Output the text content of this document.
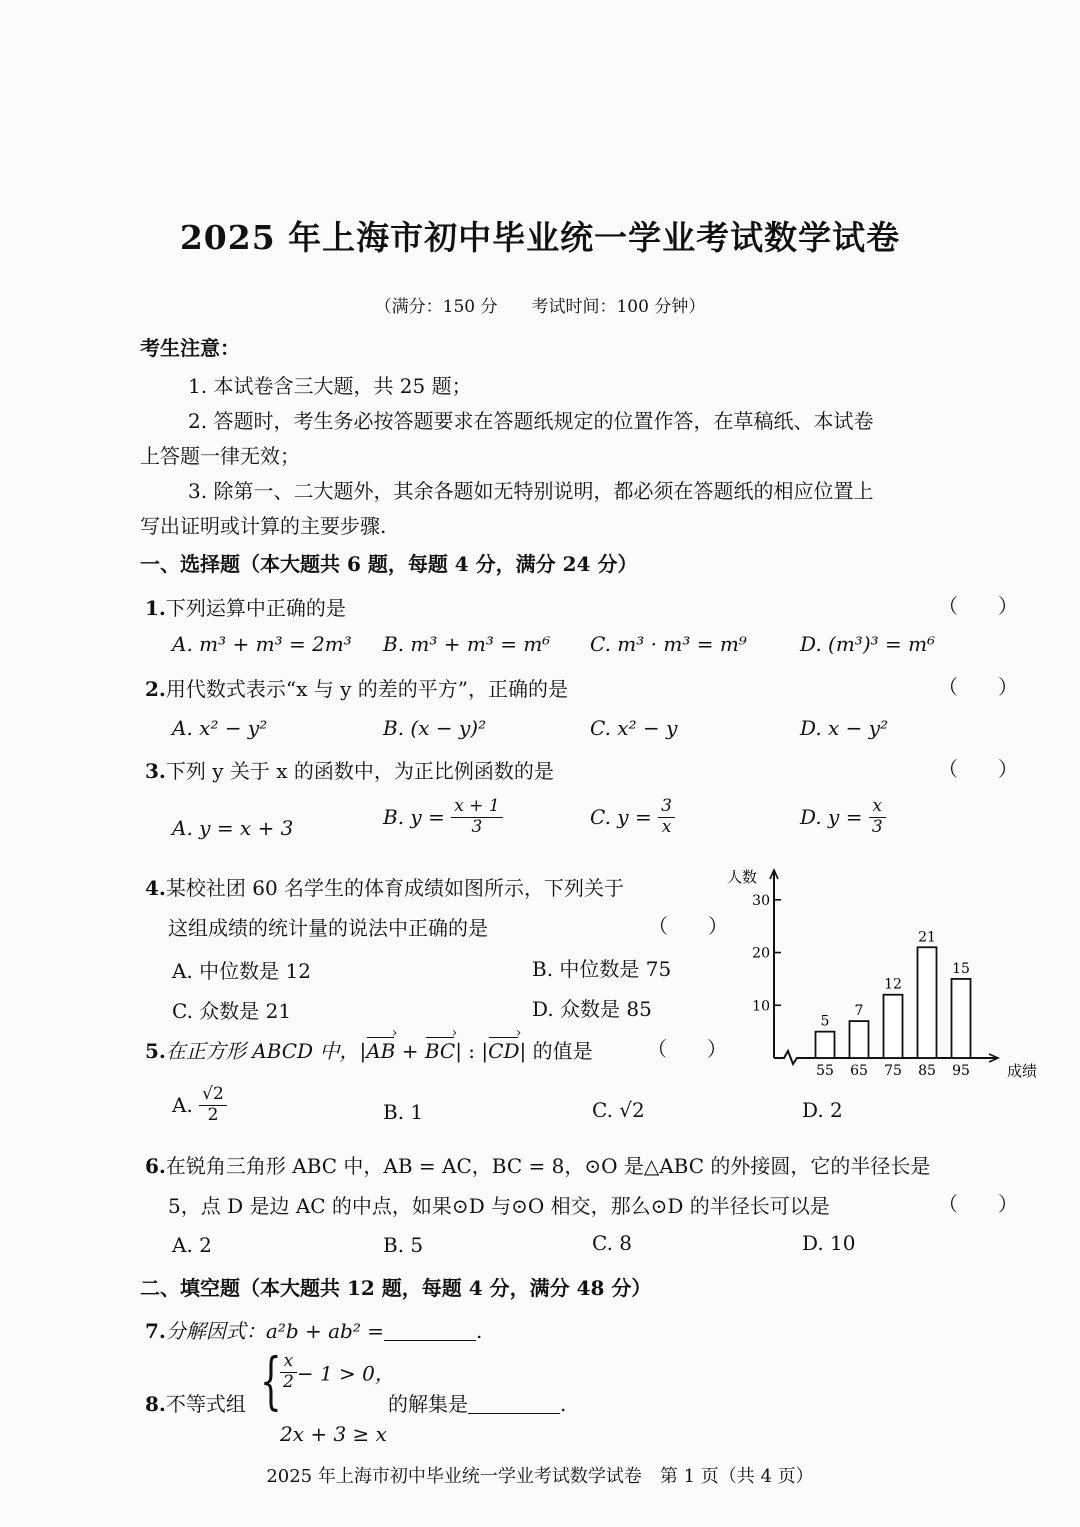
2025 年上海市初中毕业统一学业考试数学试卷
（满分：150 分　　考试时间：100 分钟）
考生注意：
1. 本试卷含三大题，共 25 题；
2. 答题时，考生务必按答题要求在答题纸规定的位置作答，在草稿纸、本试卷
上答题一律无效；
3. 除第一、二大题外，其余各题如无特别说明，都必须在答题纸的相应位置上
写出证明或计算的主要步骤.
一、选择题（本大题共 6 题，每题 4 分，满分 24 分）
1.下列运算中正确的是	（　　）
A. m³ + m³ = 2m³ B. m³ + m³ = m⁶ C. m³ · m³ = m⁹	D. (m³)³ = m⁶
2.用代数式表示“x 与 y 的差的平方”，正确的是	（　　）
A. x² − y²	B. (x − y)²	C. x² − y	D. x − y²
3.下列 y 关于 x 的函数中，为正比例函数的是	（　　）
A. y = x + 3	B. $y = \frac{x + 1}{3}$	C. $y = \frac{3}{x}$	D. $y = \frac{x}{3}$
4.某校社团 60 名学生的体育成绩如图所示，下列关于
这组成绩的统计量的说法中正确的是	（　　）
A. 中位数是 12	B. 中位数是 75
C. 众数是 21	D. 众数是 85
人数
成绩
10
20
30
5
55
7
65
12
75
21
85
15
95
5.在正方形 ABCD 中，|AB › + BC ›| : |CD ›| 的值是	（　　）
A. $\frac{√2}{2}$	B. 1	C. √2	D. 2
6.在锐角三角形 ABC 中，AB = AC，BC = 8，⊙O 是△ABC 的外接圆，它的半径长是
5，点 D 是边 AC 的中点，如果⊙D 与⊙O 相交，那么⊙D 的半径长可以是	（　　）
A. 2	B. 5	C. 8	D. 10
二、填空题（本大题共 12 题，每题 4 分，满分 48 分）
7.分解因式：a²b + ab² =	.
8.不等式组 {
$\frac{x}{2} - 1 > 0$，
2x + 3 ≥ x
的解集是	.
2025 年上海市初中毕业统一学业考试数学试卷　第 1 页（共 4 页）
